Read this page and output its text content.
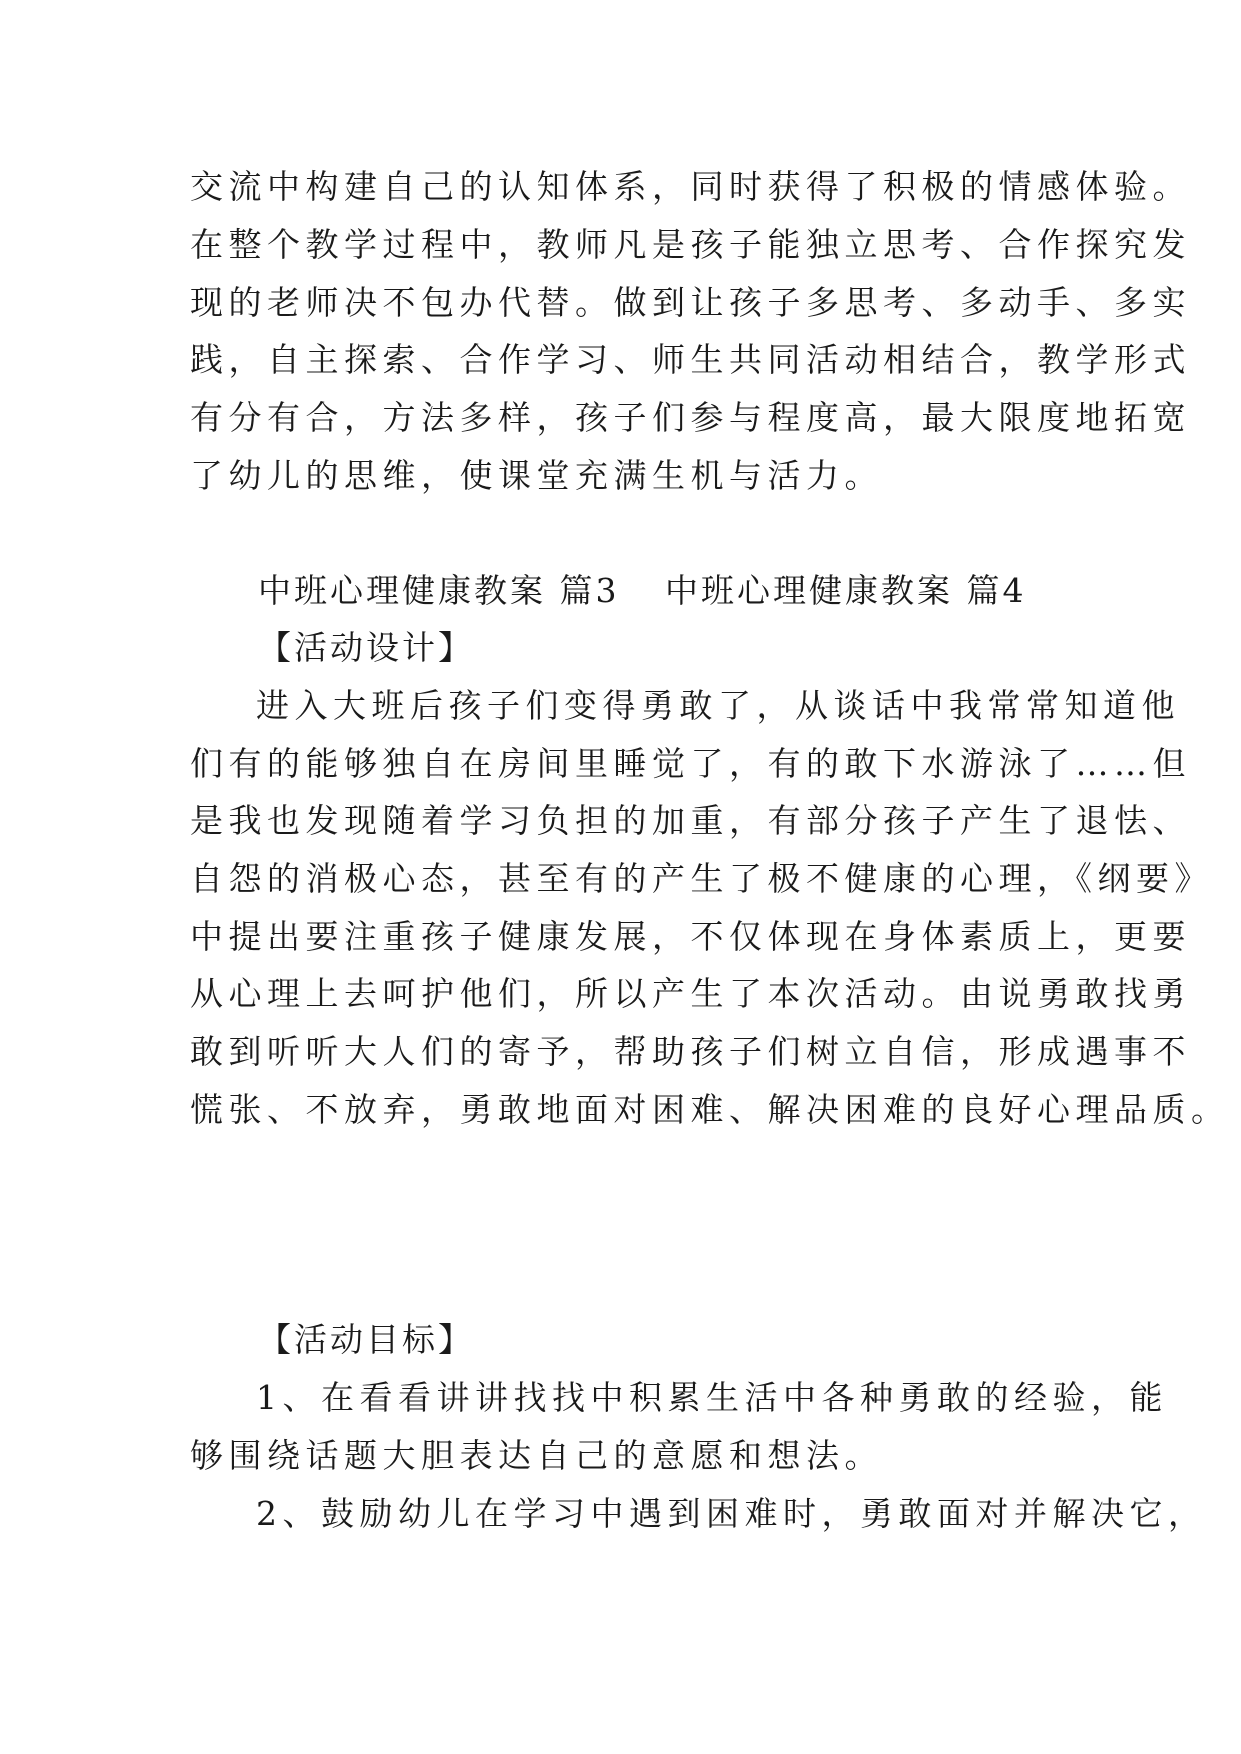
交流中构建自己的认知体系，同时获得了积极的情感体验。
在整个教学过程中，教师凡是孩子能独立思考、合作探究发
现的老师决不包办代替。做到让孩子多思考、多动手、多实
践，自主探索、合作学习、师生共同活动相结合，教学形式
有分有合，方法多样，孩子们参与程度高，最大限度地拓宽
了幼儿的思维，使课堂充满生机与活力。
中班心理健康教案 篇3 中班心理健康教案 篇4
【活动设计】
进入大班后孩子们变得勇敢了，从谈话中我常常知道他
们有的能够独自在房间里睡觉了，有的敢下水游泳了……但
是我也发现随着学习负担的加重，有部分孩子产生了退怯、
自怨的消极心态，甚至有的产生了极不健康的心理，《纲要》
中提出要注重孩子健康发展，不仅体现在身体素质上，更要
从心理上去呵护他们，所以产生了本次活动。由说勇敢找勇
敢到听听大人们的寄予，帮助孩子们树立自信，形成遇事不
慌张、不放弃，勇敢地面对困难、解决困难的良好心理品质。
【活动目标】
1、在看看讲讲找找中积累生活中各种勇敢的经验，能
够围绕话题大胆表达自己的意愿和想法。
2、鼓励幼儿在学习中遇到困难时，勇敢面对并解决它，
